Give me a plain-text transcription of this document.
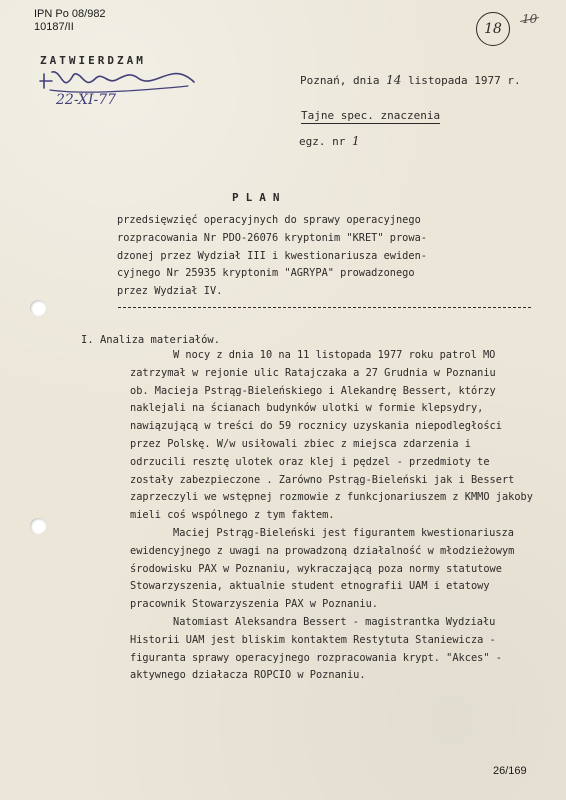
IPN Po 08/982
10187/II	18
10
ZATWIERDZAM
22-XI-77
Poznań, dnia 14 listopada 1977 r.
Tajne spec. znaczenia
egz. nr 1
PLAN
przedsięwzięć operacyjnych do sprawy operacyjnego
rozpracowania Nr PDO-26076 kryptonim "KRET" prowa-
dzonej przez Wydział III i kwestionariusza ewiden-
cyjnego Nr 25935 kryptonim "AGRYPA" prowadzonego
przez Wydział IV.
I. Analiza materiałów.
W nocy z dnia 10 na 11 listopada 1977 roku patrol MO
zatrzymał w rejonie ulic Ratajczaka a 27 Grudnia w Poznaniu
ob. Macieja Pstrąg-Bieleńskiego i Alekandrę Bessert, którzy
naklejali na ścianach budynków ulotki w formie klepsydry,
nawiązującą w treści do 59 rocznicy uzyskania niepodległości
przez Polskę. W/w usiłowali zbiec z miejsca zdarzenia i
odrzucili resztę ulotek oraz klej i pędzel - przedmioty te
zostały zabezpieczone . Zarówno Pstrąg-Bieleński jak i Bessert
zaprzeczyli we wstępnej rozmowie z funkcjonariuszem z KMMO jakoby
mieli coś wspólnego z tym faktem.
Maciej Pstrąg-Bieleński jest figurantem kwestionariusza
ewidencyjnego z uwagi na prowadzoną działalność w młodzieżowym
środowisku PAX w Poznaniu, wykraczającą poza normy statutowe
Stowarzyszenia, aktualnie student etnografii UAM i etatowy
pracownik Stowarzyszenia PAX w Poznaniu.
Natomiast Aleksandra Bessert - magistrantka Wydziału
Historii UAM jest bliskim kontaktem Restytuta Staniewicza -
figuranta sprawy operacyjnego rozpracowania krypt. "Akces" -
aktywnego działacza ROPCIO w Poznaniu.
26/169
